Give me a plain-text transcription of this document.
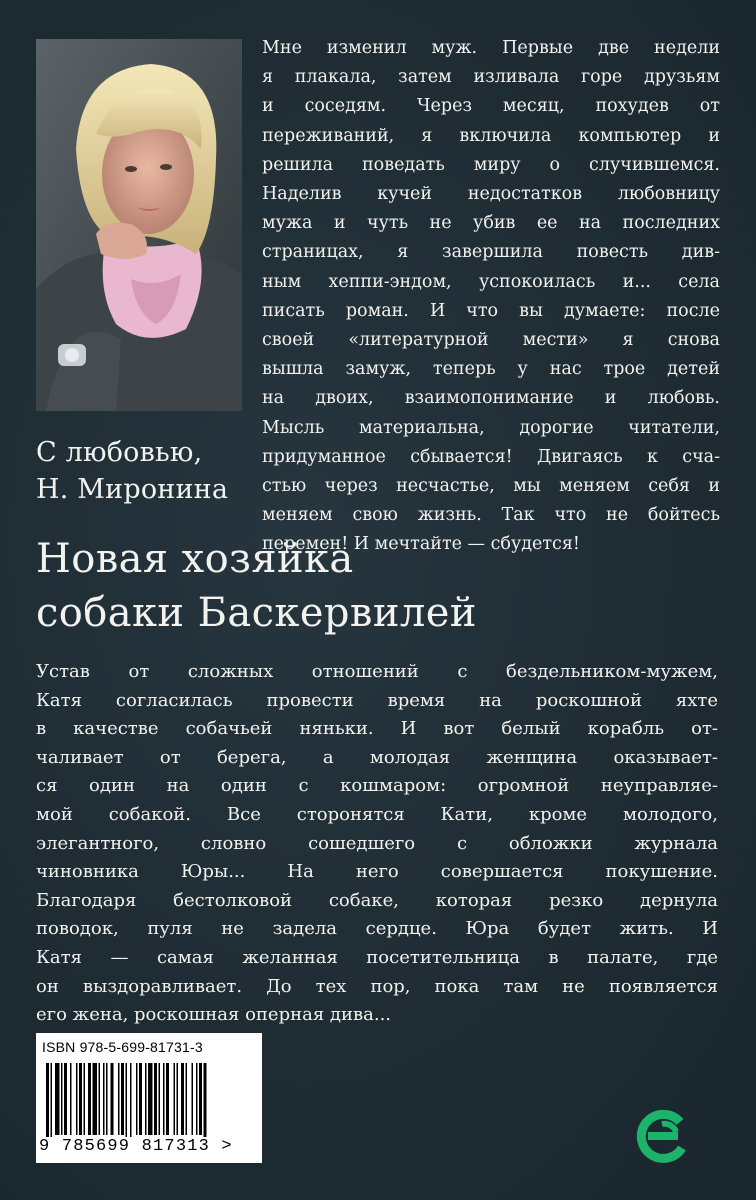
С любовью,
Н. Миронина
Мне изменил муж. Первые две недели
я плакала, затем изливала горе друзьям
и соседям. Через месяц, похудев от
переживаний, я включила компьютер и
решила поведать миру о случившемся.
Наделив кучей недостатков любовницу
мужа и чуть не убив ее на последних
страницах, я завершила повесть див-
ным хеппи-эндом, успокоилась и... села
писать роман. И что вы думаете: после
своей «литературной мести» я снова
вышла замуж, теперь у нас трое детей
на двоих, взаимопонимание и любовь.
Мысль материальна, дорогие читатели,
придуманное сбывается! Двигаясь к сча-
стью через несчастье, мы меняем себя и
меняем свою жизнь. Так что не бойтесь
перемен! И мечтайте — сбудется!
Новая хозяйка
собаки Баскервилей
Устав от сложных отношений с бездельником-мужем,
Катя согласилась провести время на роскошной яхте
в качестве собачьей няньки. И вот белый корабль от-
чаливает от берега, а молодая женщина оказывает-
ся один на один с кошмаром: огромной неуправляе-
мой собакой. Все сторонятся Кати, кроме молодого,
элегантного, словно сошедшего с обложки журнала
чиновника Юры... На него совершается покушение.
Благодаря бестолковой собаке, которая резко дернула
поводок, пуля не задела сердце. Юра будет жить. И
Катя — самая желанная посетительница в палате, где
он выздоравливает. До тех пор, пока там не появляется
его жена, роскошная оперная дива...
ISBN 978-5-699-81731-3
9 785699 817313 >
